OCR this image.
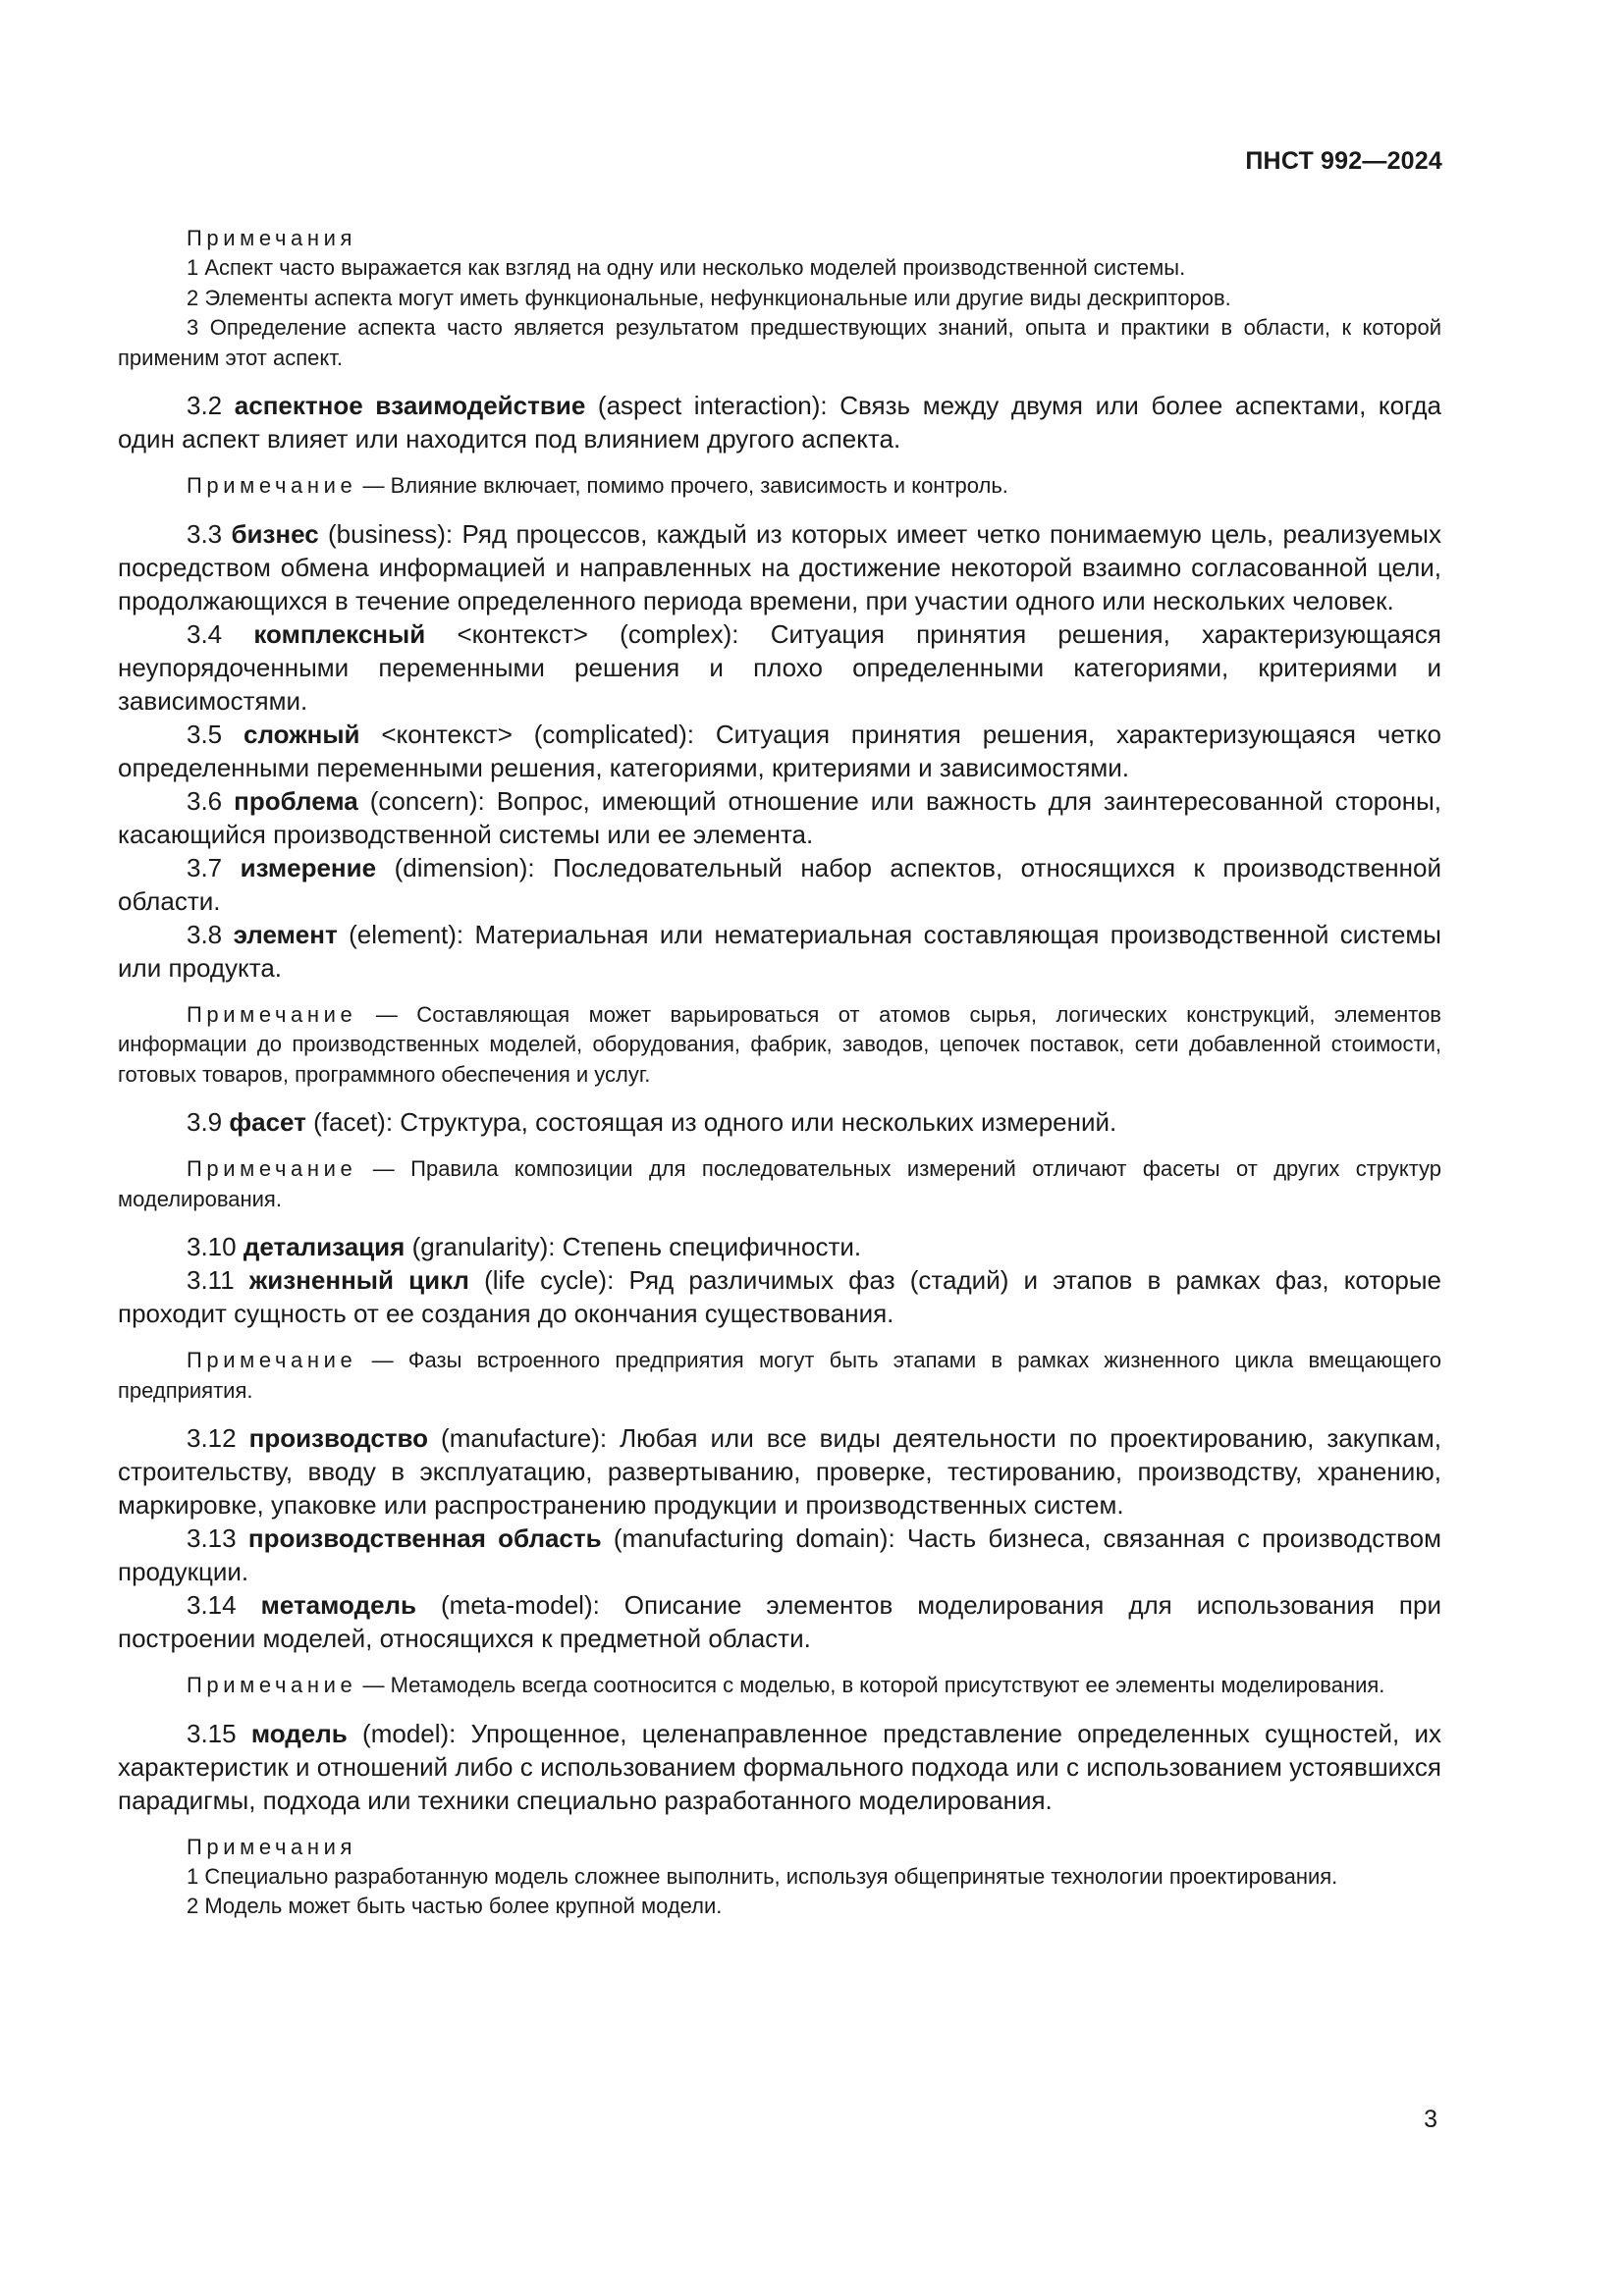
ПНСТ 992—2024
Примечания
1 Аспект часто выражается как взгляд на одну или несколько моделей производственной системы.
2 Элементы аспекта могут иметь функциональные, нефункциональные или другие виды дескрипторов.
3 Определение аспекта часто является результатом предшествующих знаний, опыта и практики в области, к которой применим этот аспект.
3.2 аспектное взаимодействие (aspect interaction): Связь между двумя или более аспектами, когда один аспект влияет или находится под влиянием другого аспекта.
Примечание — Влияние включает, помимо прочего, зависимость и контроль.
3.3 бизнес (business): Ряд процессов, каждый из которых имеет четко понимаемую цель, реализуемых посредством обмена информацией и направленных на достижение некоторой взаимно согласованной цели, продолжающихся в течение определенного периода времени, при участии одного или нескольких человек.
3.4 комплексный <контекст> (complex): Ситуация принятия решения, характеризующаяся неупорядоченными переменными решения и плохо определенными категориями, критериями и зависимостями.
3.5 сложный <контекст> (complicated): Ситуация принятия решения, характеризующаяся четко определенными переменными решения, категориями, критериями и зависимостями.
3.6 проблема (concern): Вопрос, имеющий отношение или важность для заинтересованной стороны, касающийся производственной системы или ее элемента.
3.7 измерение (dimension): Последовательный набор аспектов, относящихся к производственной области.
3.8 элемент (element): Материальная или нематериальная составляющая производственной системы или продукта.
Примечание — Составляющая может варьироваться от атомов сырья, логических конструкций, элементов информации до производственных моделей, оборудования, фабрик, заводов, цепочек поставок, сети добавленной стоимости, готовых товаров, программного обеспечения и услуг.
3.9 фасет (facet): Структура, состоящая из одного или нескольких измерений.
Примечание — Правила композиции для последовательных измерений отличают фасеты от других структур моделирования.
3.10 детализация (granularity): Степень специфичности.
3.11 жизненный цикл (life cycle): Ряд различимых фаз (стадий) и этапов в рамках фаз, которые проходит сущность от ее создания до окончания существования.
Примечание — Фазы встроенного предприятия могут быть этапами в рамках жизненного цикла вмещающего предприятия.
3.12 производство (manufacture): Любая или все виды деятельности по проектированию, закупкам, строительству, вводу в эксплуатацию, развертыванию, проверке, тестированию, производству, хранению, маркировке, упаковке или распространению продукции и производственных систем.
3.13 производственная область (manufacturing domain): Часть бизнеса, связанная с производством продукции.
3.14 метамодель (meta-model): Описание элементов моделирования для использования при построении моделей, относящихся к предметной области.
Примечание — Метамодель всегда соотносится с моделью, в которой присутствуют ее элементы моделирования.
3.15 модель (model): Упрощенное, целенаправленное представление определенных сущностей, их характеристик и отношений либо с использованием формального подхода или с использованием устоявшихся парадигмы, подхода или техники специально разработанного моделирования.
Примечания
1 Специально разработанную модель сложнее выполнить, используя общепринятые технологии проектирования.
2 Модель может быть частью более крупной модели.
3
